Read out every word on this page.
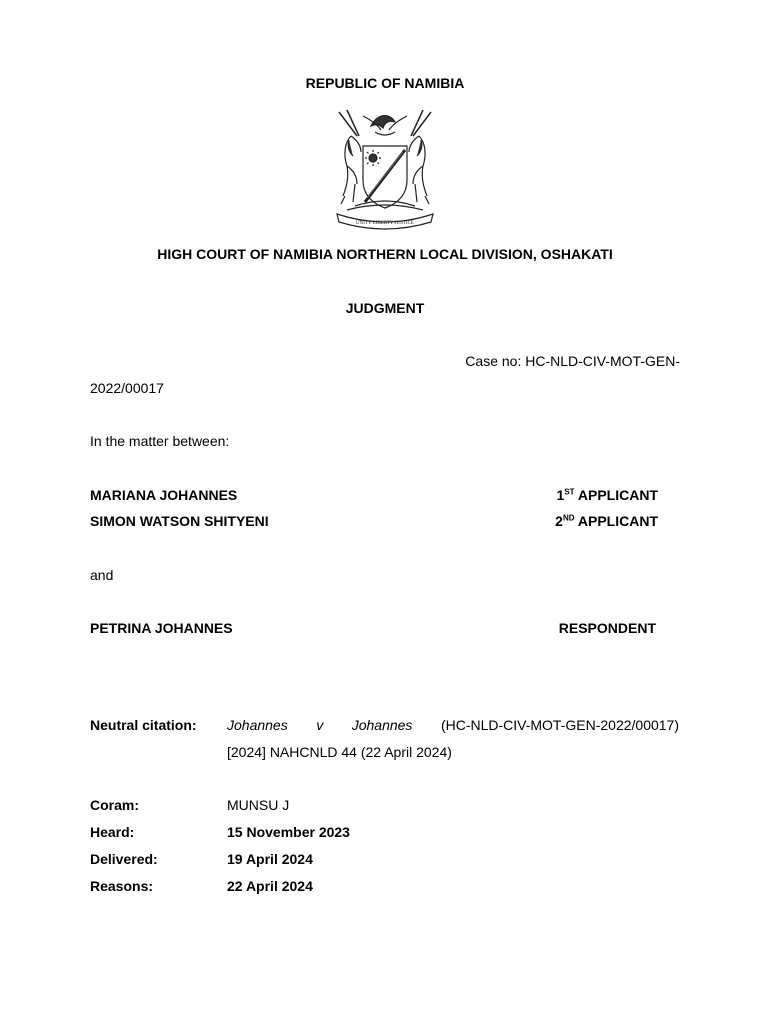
REPUBLIC OF NAMIBIA
UNITY LIBERTY JUSTICE
HIGH COURT OF NAMIBIA NORTHERN LOCAL DIVISION, OSHAKATI
JUDGMENT
Case no: HC-NLD-CIV-MOT-GEN-
2022/00017
In the matter between:
MARIANA JOHANNES	1ST APPLICANT
SIMON WATSON SHITYENI	2ND APPLICANT
and
PETRINA JOHANNES	RESPONDENT
Neutral citation: Johannes v Johannes (HC-NLD-CIV-MOT-GEN-2022/00017)
[2024] NAHCNLD 44 (22 April 2024)
Coram:	MUNSU J
Heard:	15 November 2023
Delivered:	19 April 2024
Reasons:	22 April 2024
